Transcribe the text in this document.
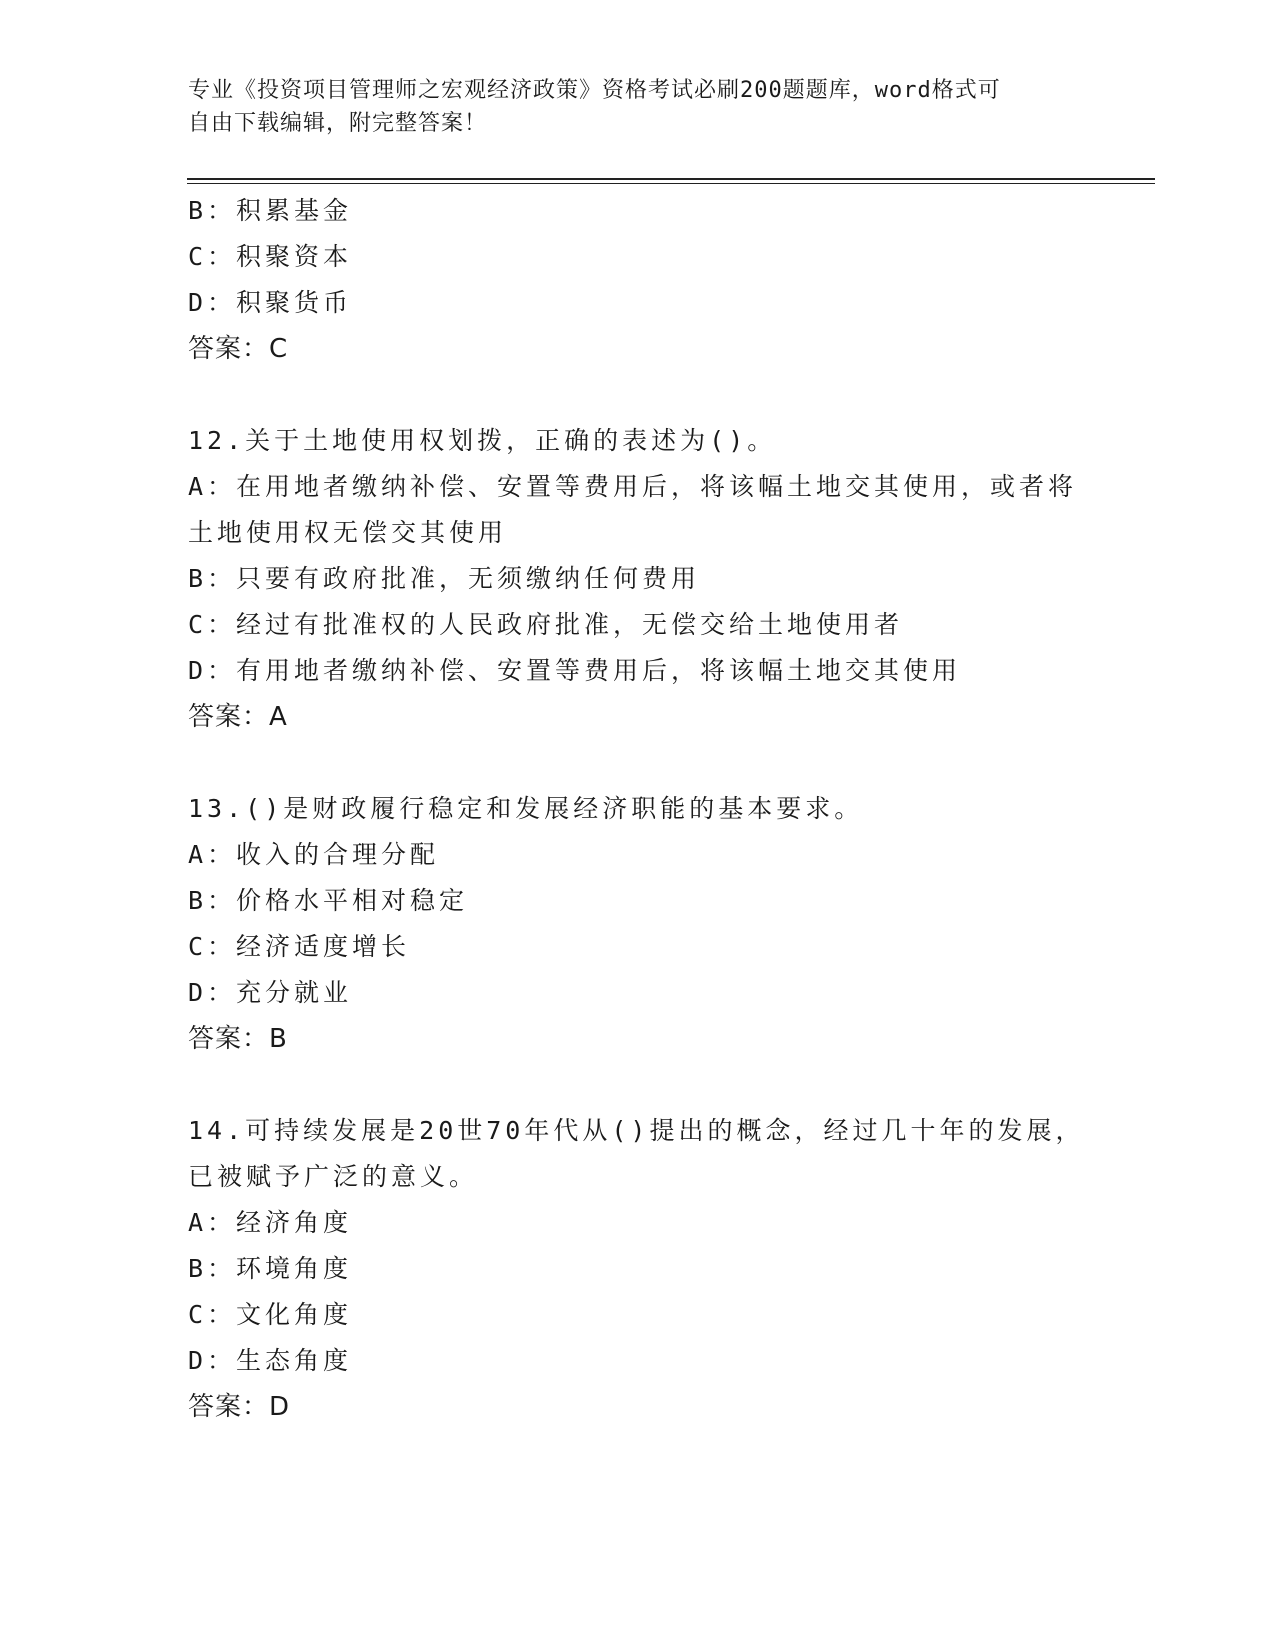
专业《投资项目管理师之宏观经济政策》资格考试必刷200题题库，word格式可
自由下载编辑，附完整答案！
B：积累基金
C：积聚资本
D：积聚货币
答案：C
12.关于土地使用权划拨，正确的表述为()。
A：在用地者缴纳补偿、安置等费用后，将该幅土地交其使用，或者将
土地使用权无偿交其使用
B：只要有政府批准，无须缴纳任何费用
C：经过有批准权的人民政府批准，无偿交给土地使用者
D：有用地者缴纳补偿、安置等费用后，将该幅土地交其使用
答案：A
13.()是财政履行稳定和发展经济职能的基本要求。
A：收入的合理分配
B：价格水平相对稳定
C：经济适度增长
D：充分就业
答案：B
14.可持续发展是20世70年代从()提出的概念，经过几十年的发展，
已被赋予广泛的意义。
A：经济角度
B：环境角度
C：文化角度
D：生态角度
答案：D
